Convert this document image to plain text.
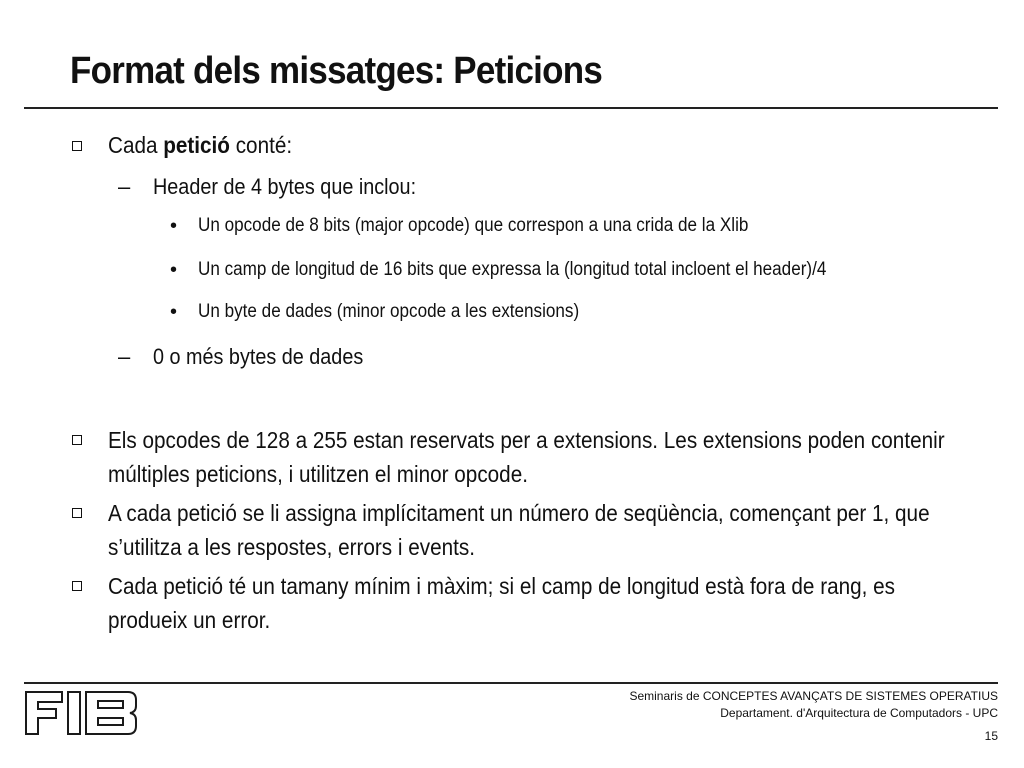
Format dels missatges: Peticions
Cada petició conté:
– Header de 4 bytes que inclou:
• Un opcode de 8 bits (major opcode) que correspon a una crida de la Xlib
• Un camp de longitud de 16 bits que expressa la (longitud total incloent el header)/4
• Un byte de dades (minor opcode a les extensions)
– 0 o més bytes de dades
Els opcodes de 128 a 255 estan reservats per a extensions. Les extensions poden contenir múltiples peticions, i utilitzen el minor opcode.
A cada petició se li assigna implícitament un número de seqüència, començant per 1, que s’utilitza a les respostes, errors i events.
Cada petició té un tamany mínim i màxim; si el camp de longitud està fora de rang, es produeix un error.
Seminaris de CONCEPTES AVANÇATS DE SISTEMES OPERATIUS
Departament. d'Arquitectura de Computadors - UPC
15
